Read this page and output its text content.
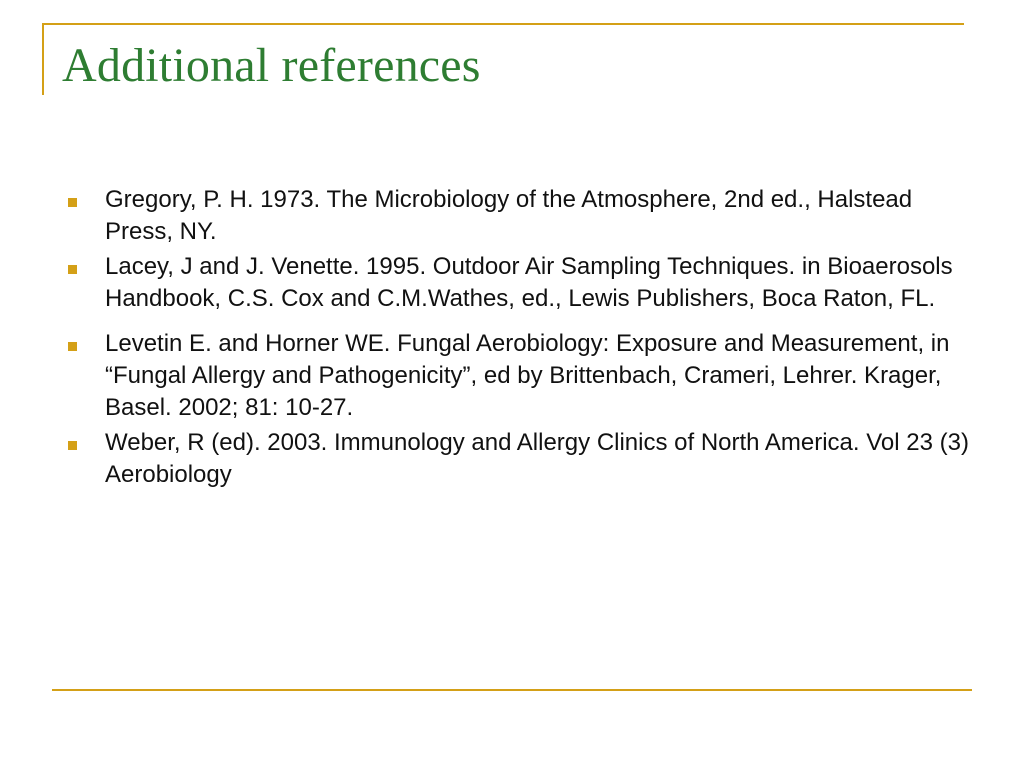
Additional references
Gregory, P. H. 1973. The Microbiology of the Atmosphere, 2nd ed., Halstead Press, NY.
Lacey, J and J. Venette. 1995. Outdoor Air Sampling Techniques. in Bioaerosols Handbook, C.S. Cox and C.M.Wathes, ed., Lewis Publishers, Boca Raton, FL.
Levetin E. and Horner WE. Fungal Aerobiology: Exposure and Measurement, in “Fungal Allergy and Pathogenicity”, ed by Brittenbach, Crameri, Lehrer. Krager, Basel. 2002; 81: 10-27.
Weber, R (ed). 2003. Immunology and Allergy Clinics of North America. Vol 23 (3) Aerobiology
